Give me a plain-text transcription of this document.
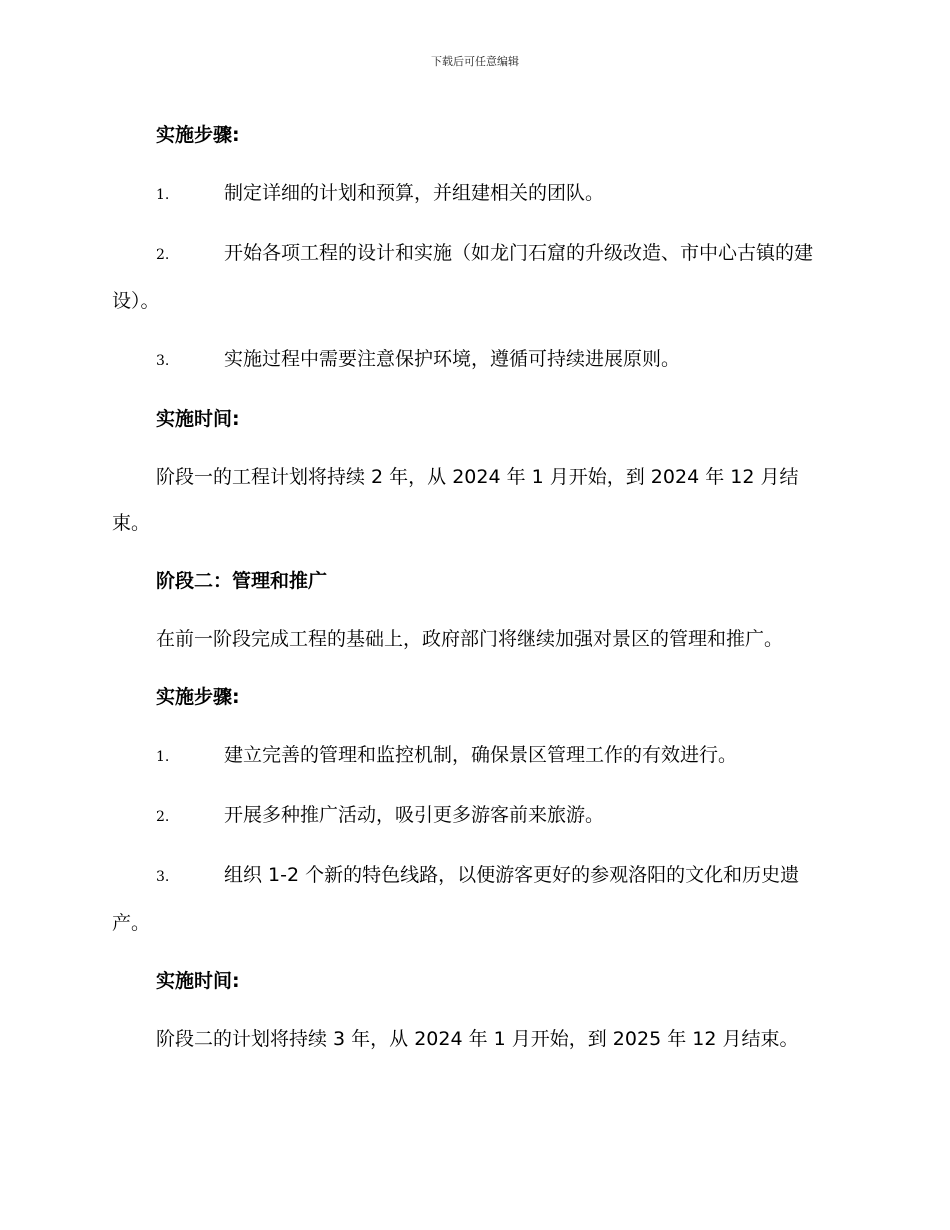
下载后可任意编辑

实施步骤:

1.	制定详细的计划和预算，并组建相关的团队。

2.	开始各项工程的设计和实施（如龙门石窟的升级改造、市中心古镇的建设）。

3.	实施过程中需要注意保护环境，遵循可持续进展原则。

实施时间:

阶段一的工程计划将持续 2 年，从 2024 年 1 月开始，到 2024 年 12 月结束。

阶段二：管理和推广

在前一阶段完成工程的基础上，政府部门将继续加强对景区的管理和推广。

实施步骤:

1.	建立完善的管理和监控机制，确保景区管理工作的有效进行。

2.	开展多种推广活动，吸引更多游客前来旅游。

3.	组织 1-2 个新的特色线路，以便游客更好的参观洛阳的文化和历史遗产。

实施时间:

阶段二的计划将持续 3 年，从 2024 年 1 月开始，到 2025 年 12 月结束。
